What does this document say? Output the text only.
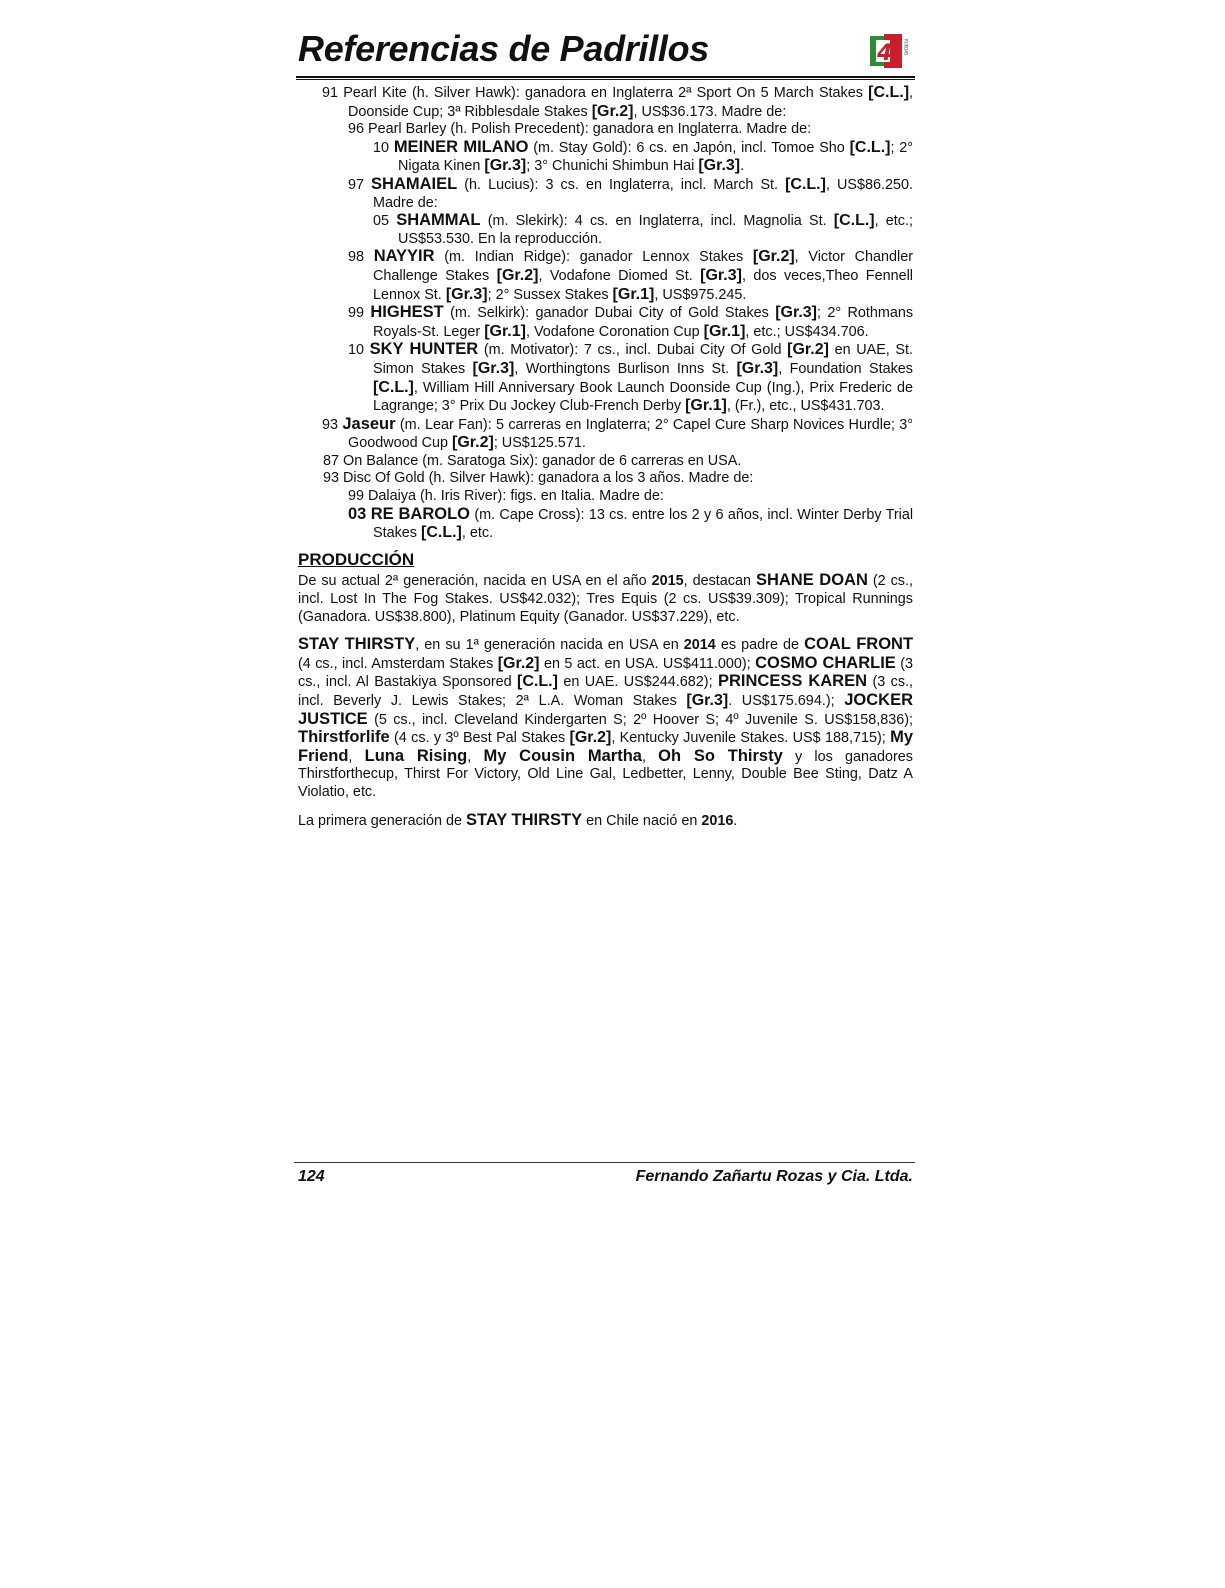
Referencias de Padrillos	4	RUEDAS

91 Pearl Kite (h. Silver Hawk): ganadora en Inglaterra 2ª Sport On 5 March Stakes [C.L.], Doonside Cup; 3ª Ribblesdale Stakes [Gr.2], US$36.173. Madre de:

96 Pearl Barley (h. Polish Precedent): ganadora en Inglaterra. Madre de:

10 MEINER MILANO (m. Stay Gold): 6 cs. en Japón, incl. Tomoe Sho [C.L.]; 2° Nigata Kinen [Gr.3]; 3° Chunichi Shimbun Hai [Gr.3].

97 SHAMAIEL (h. Lucius): 3 cs. en Inglaterra, incl. March St. [C.L.], US$86.250. Madre de:

05 SHAMMAL (m. Slekirk): 4 cs. en Inglaterra, incl. Magnolia St. [C.L.], etc.; US$53.530. En la reproducción.

98 NAYYIR (m. Indian Ridge): ganador Lennox Stakes [Gr.2], Victor Chandler Challenge Stakes [Gr.2], Vodafone Diomed St. [Gr.3], dos veces,Theo Fennell Lennox St. [Gr.3]; 2° Sussex Stakes [Gr.1], US$975.245.

99 HIGHEST (m. Selkirk): ganador Dubai City of Gold Stakes [Gr.3]; 2° Rothmans Royals-St. Leger [Gr.1], Vodafone Coronation Cup [Gr.1], etc.; US$434.706.

10 SKY HUNTER (m. Motivator): 7 cs., incl. Dubai City Of Gold [Gr.2] en UAE, St. Simon Stakes [Gr.3], Worthingtons Burlison Inns St. [Gr.3], Foundation Stakes [C.L.], William Hill Anniversary Book Launch Doonside Cup (Ing.), Prix Frederic de Lagrange; 3° Prix Du Jockey Club-French Derby [Gr.1], (Fr.), etc., US$431.703.

93 Jaseur (m. Lear Fan): 5 carreras en Inglaterra; 2° Capel Cure Sharp Novices Hurdle; 3° Goodwood Cup [Gr.2]; US$125.571.

87 On Balance (m. Saratoga Six): ganador de 6 carreras en USA.

93 Disc Of Gold (h. Silver Hawk): ganadora a los 3 años. Madre de:

99 Dalaiya (h. Iris River): figs. en Italia. Madre de:

03 RE BAROLO (m. Cape Cross): 13 cs. entre los 2 y 6 años, incl. Winter Derby Trial Stakes [C.L.], etc.

PRODUCCIÓN

De su actual 2ª generación, nacida en USA en el año 2015, destacan SHANE DOAN (2 cs., incl. Lost In The Fog Stakes. US$42.032); Tres Equis (2 cs. US$39.309); Tropical Runnings (Ganadora. US$38.800), Platinum Equity (Ganador. US$37.229), etc.

STAY THIRSTY, en su 1ª generación nacida en USA en 2014 es padre de COAL FRONT (4 cs., incl. Amsterdam Stakes [Gr.2] en 5 act. en USA. US$411.000); COSMO CHARLIE (3 cs., incl. Al Bastakiya Sponsored [C.L.] en UAE. US$244.682); PRINCESS KAREN (3 cs., incl. Beverly J. Lewis Stakes; 2ª L.A. Woman Stakes [Gr.3]. US$175.694.); JOCKER JUSTICE (5 cs., incl. Cleveland Kindergarten S; 2º Hoover S; 4º Juvenile S. US$158,836); Thirstforlife (4 cs. y 3º Best Pal Stakes [Gr.2], Kentucky Juvenile Stakes. US$ 188,715); My Friend, Luna Rising, My Cousin Martha, Oh So Thirsty y los ganadores Thirstforthecup, Thirst For Victory, Old Line Gal, Ledbetter, Lenny, Double Bee Sting, Datz A Violatio, etc.

La primera generación de STAY THIRSTY en Chile nació en 2016.

124	Fernando Zañartu Rozas y Cia. Ltda.
